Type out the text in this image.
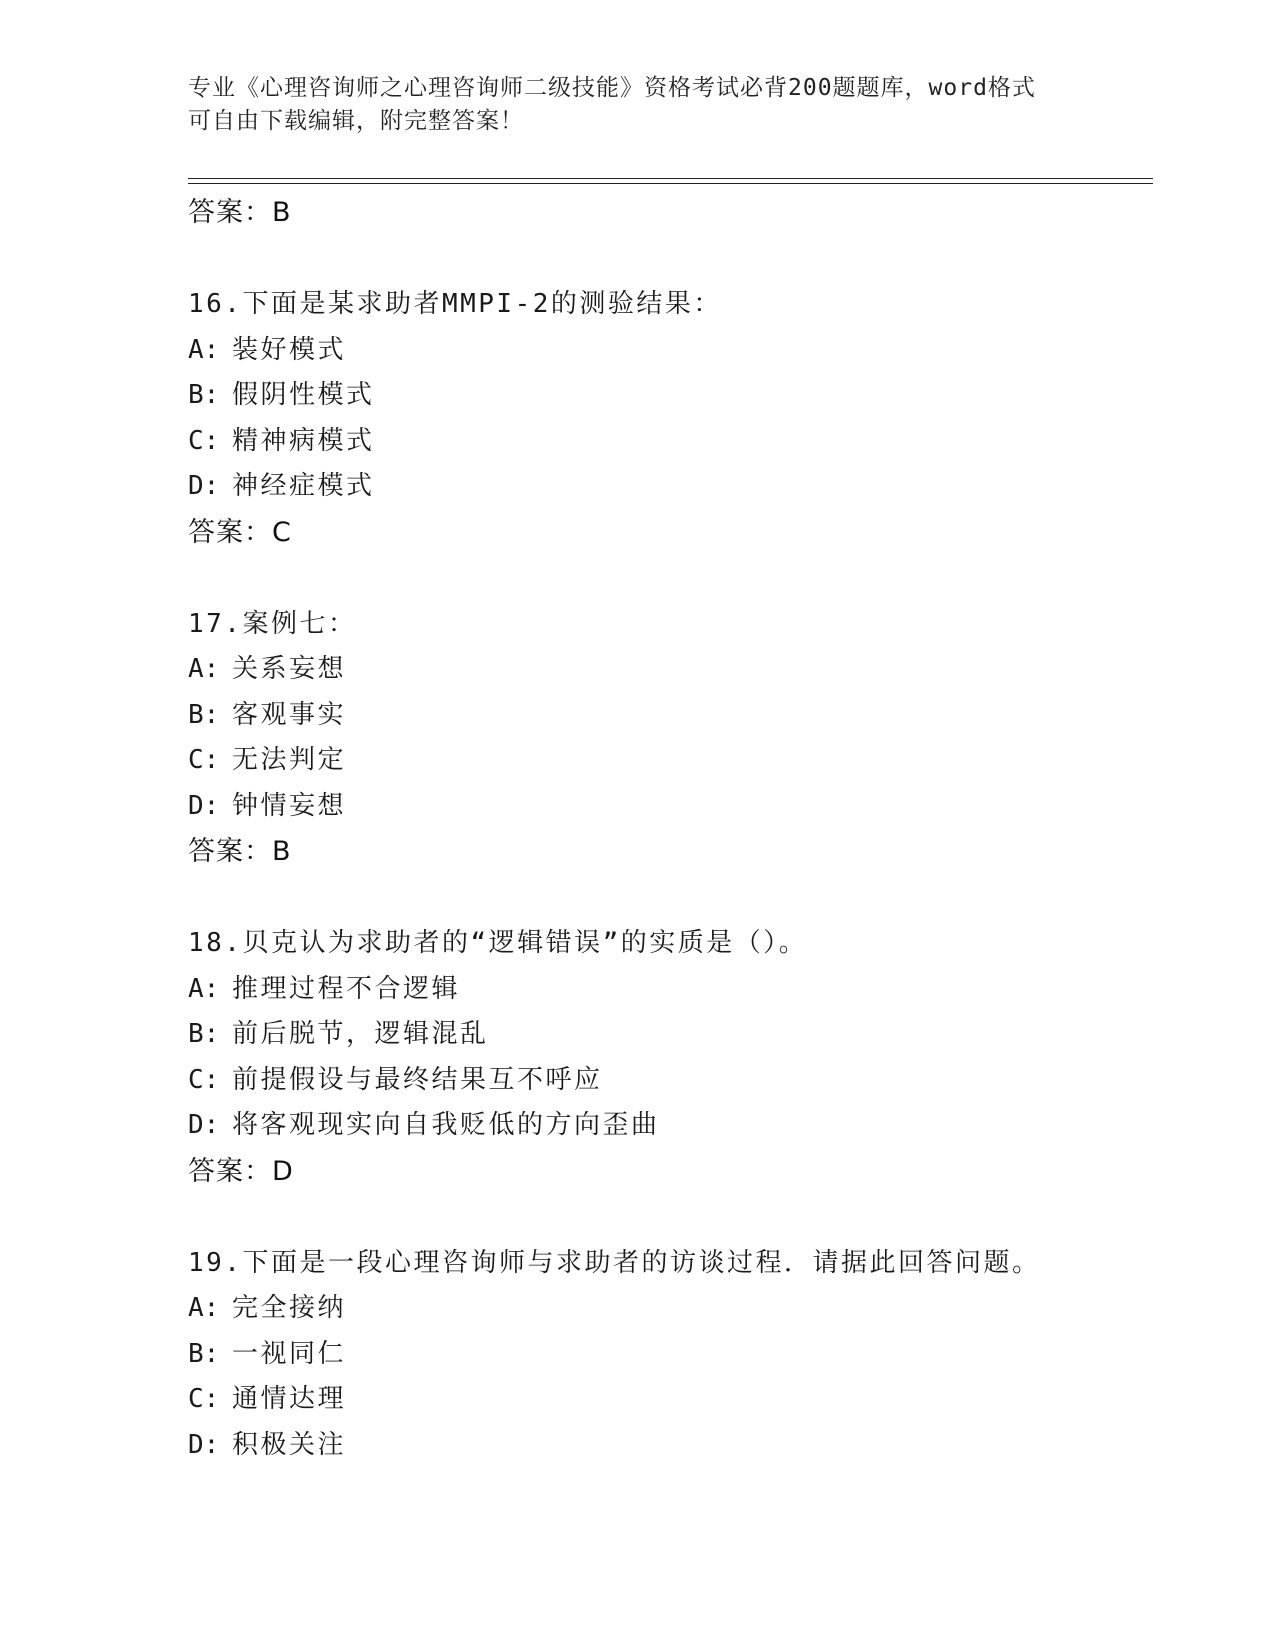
专业《心理咨询师之心理咨询师二级技能》资格考试必背200题题库，word格式
可自由下载编辑，附完整答案！
答案：B
16.下面是某求助者MMPI-2的测验结果：
A: 装好模式
B: 假阴性模式
C: 精神病模式
D: 神经症模式
答案：C
17.案例七：
A: 关系妄想
B: 客观事实
C: 无法判定
D: 钟情妄想
答案：B
18.贝克认为求助者的“逻辑错误”的实质是（）。
A: 推理过程不合逻辑
B: 前后脱节，逻辑混乱
C: 前提假设与最终结果互不呼应
D: 将客观现实向自我贬低的方向歪曲
答案：D
19.下面是一段心理咨询师与求助者的访谈过程．请据此回答问题。
A: 完全接纳
B: 一视同仁
C: 通情达理
D: 积极关注
